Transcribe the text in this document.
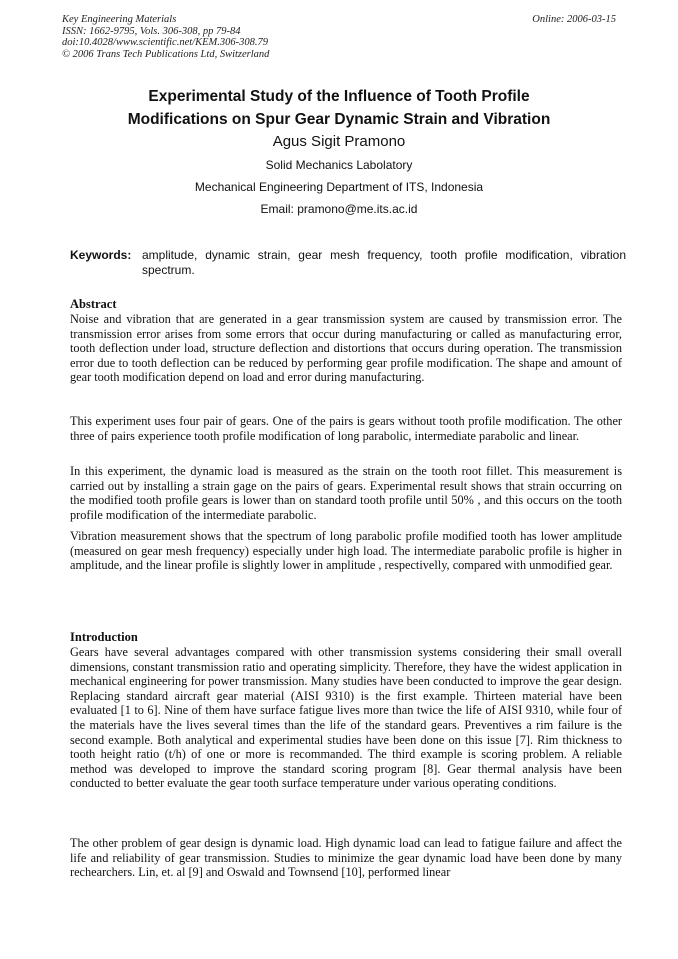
Key Engineering Materials
ISSN: 1662-9795, Vols. 306-308, pp 79-84
doi:10.4028/www.scientific.net/KEM.306-308.79
© 2006 Trans Tech Publications Ltd, Switzerland
Online: 2006-03-15
Experimental Study of the Influence of Tooth Profile
Modifications on Spur Gear Dynamic Strain and Vibration
Agus Sigit Pramono
Solid Mechanics Labolatory
Mechanical Engineering Department of ITS, Indonesia
Email: pramono@me.its.ac.id
Keywords: amplitude, dynamic strain, gear mesh frequency, tooth profile modification, vibration spectrum.
Abstract

Noise and vibration that are generated in a gear transmission system are caused by transmission error. The transmission error arises from some errors that occur during manufacturing or called as manufacturing error, tooth deflection under load, structure deflection and distortions that occurs during operation. The transmission error due to tooth deflection can be reduced by performing gear profile modification. The shape and amount of gear tooth modification depend on load and error during manufacturing.

This experiment uses four pair of gears. One of the pairs is gears without tooth profile modification. The other three of pairs experience tooth profile modification of long parabolic, intermediate parabolic and linear.

In this experiment, the dynamic load is measured as the strain on the tooth root fillet. This measurement is carried out by installing a strain gage on the pairs of gears. Experimental result shows that strain occurring on the modified tooth profile gears is lower than on standard tooth profile until 50% , and this occurs on the tooth profile modification of the intermediate parabolic.

Vibration measurement shows that the spectrum of long parabolic profile modified tooth has lower amplitude (measured on gear mesh frequency) especially under high load. The intermediate parabolic profile is higher in amplitude, and the linear profile is slightly lower in amplitude , respectivelly, compared with unmodified gear.

Introduction

Gears have several advantages compared with other transmission systems considering their small overall dimensions, constant transmission ratio and operating simplicity. Therefore, they have the widest application in mechanical engineering for power transmission. Many studies have been conducted to improve the gear design. Replacing standard aircraft gear material (AISI 9310) is the first example. Thirteen material have been evaluated [1 to 6]. Nine of them have surface fatigue lives more than twice the life of AISI 9310, while four of the materials have the lives several times than the life of the standard gears. Preventives a rim failure is the second example. Both analytical and experimental studies have been done on this issue [7]. Rim thickness to tooth height ratio (t/h) of one or more is recommanded. The third example is scoring problem. A reliable method was developed to improve the standard scoring program [8]. Gear thermal analysis have been conducted to better evaluate the gear tooth surface temperature under various operating conditions.

The other problem of gear design is dynamic load. High dynamic load can lead to fatigue failure and affect the life and reliability of gear transmission. Studies to minimize the gear dynamic load have been done by many rechearchers. Lin, et. al [9] and Oswald and Townsend [10], performed linear
